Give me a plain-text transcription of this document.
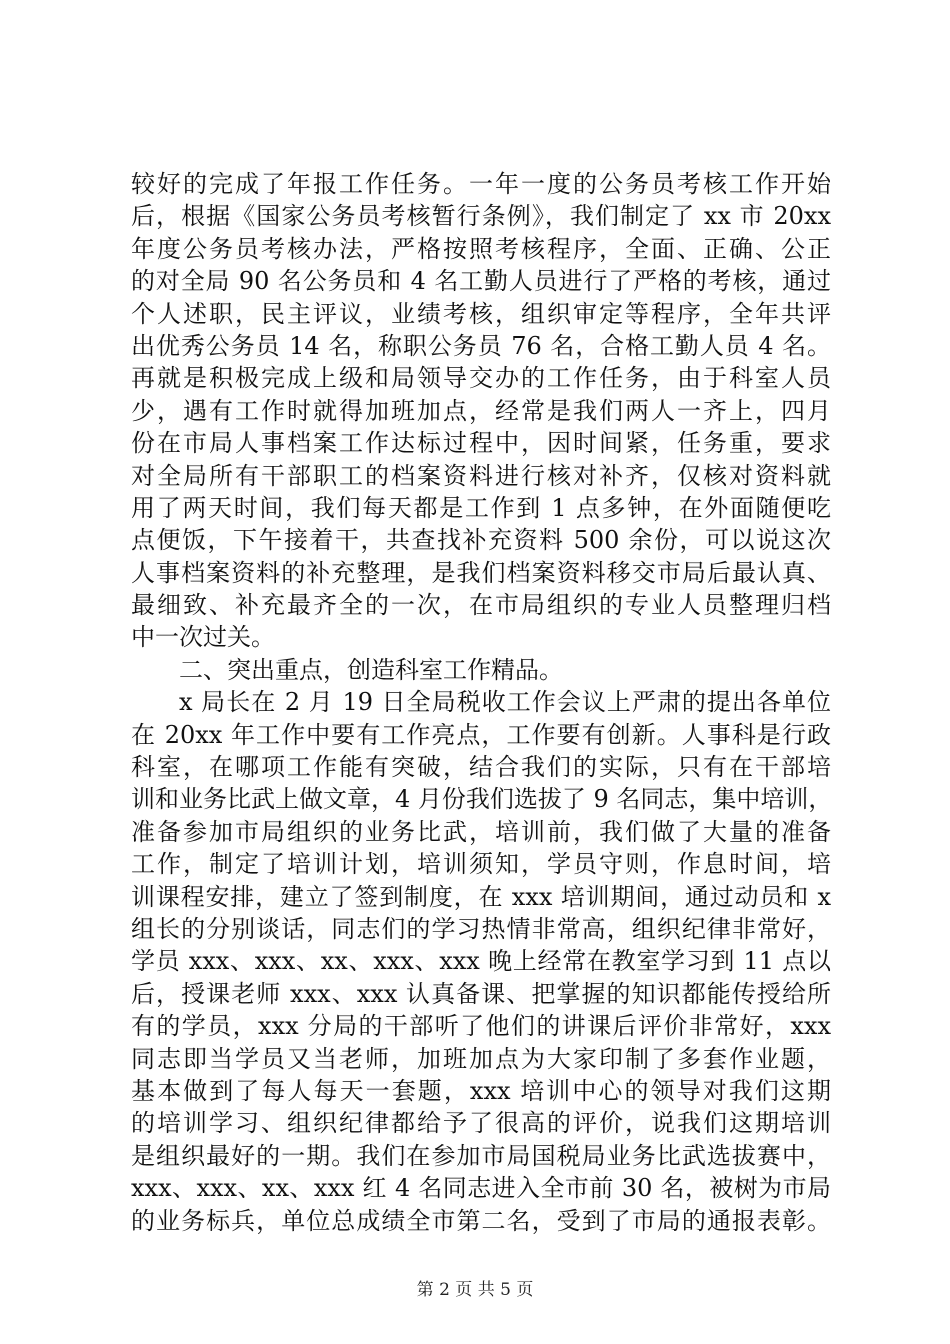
较好的完成了年报工作任务。一年一度的公务员考核工作开始
后，根据《国家公务员考核暂行条例》，我们制定了 xx 市 20xx
年度公务员考核办法，严格按照考核程序，全面、正确、公正
的对全局 90 名公务员和 4 名工勤人员进行了严格的考核，通过
个人述职，民主评议，业绩考核，组织审定等程序，全年共评
出优秀公务员 14 名，称职公务员 76 名，合格工勤人员 4 名。
再就是积极完成上级和局领导交办的工作任务，由于科室人员
少，遇有工作时就得加班加点，经常是我们两人一齐上，四月
份在市局人事档案工作达标过程中，因时间紧，任务重，要求
对全局所有干部职工的档案资料进行核对补齐，仅核对资料就
用了两天时间，我们每天都是工作到 1 点多钟，在外面随便吃
点便饭，下午接着干，共查找补充资料 500 余份，可以说这次
人事档案资料的补充整理，是我们档案资料移交市局后最认真、
最细致、补充最齐全的一次，在市局组织的专业人员整理归档
中一次过关。
二、突出重点，创造科室工作精品。
x 局长在 2 月 19 日全局税收工作会议上严肃的提出各单位
在 20xx 年工作中要有工作亮点，工作要有创新。人事科是行政
科室，在哪项工作能有突破，结合我们的实际，只有在干部培
训和业务比武上做文章，4 月份我们选拔了 9 名同志，集中培训，
准备参加市局组织的业务比武，培训前，我们做了大量的准备
工作，制定了培训计划，培训须知，学员守则，作息时间，培
训课程安排，建立了签到制度，在 xxx 培训期间，通过动员和 x
组长的分别谈话，同志们的学习热情非常高，组织纪律非常好，
学员 xxx、xxx、xx、xxx、xxx 晚上经常在教室学习到 11 点以
后，授课老师 xxx、xxx 认真备课、把掌握的知识都能传授给所
有的学员，xxx 分局的干部听了他们的讲课后评价非常好，xxx
同志即当学员又当老师，加班加点为大家印制了多套作业题，
基本做到了每人每天一套题，xxx 培训中心的领导对我们这期
的培训学习、组织纪律都给予了很高的评价，说我们这期培训
是组织最好的一期。我们在参加市局国税局业务比武选拔赛中，
xxx、xxx、xx、xxx 红 4 名同志进入全市前 30 名，被树为市局
的业务标兵，单位总成绩全市第二名，受到了市局的通报表彰。
第 2 页 共 5 页
